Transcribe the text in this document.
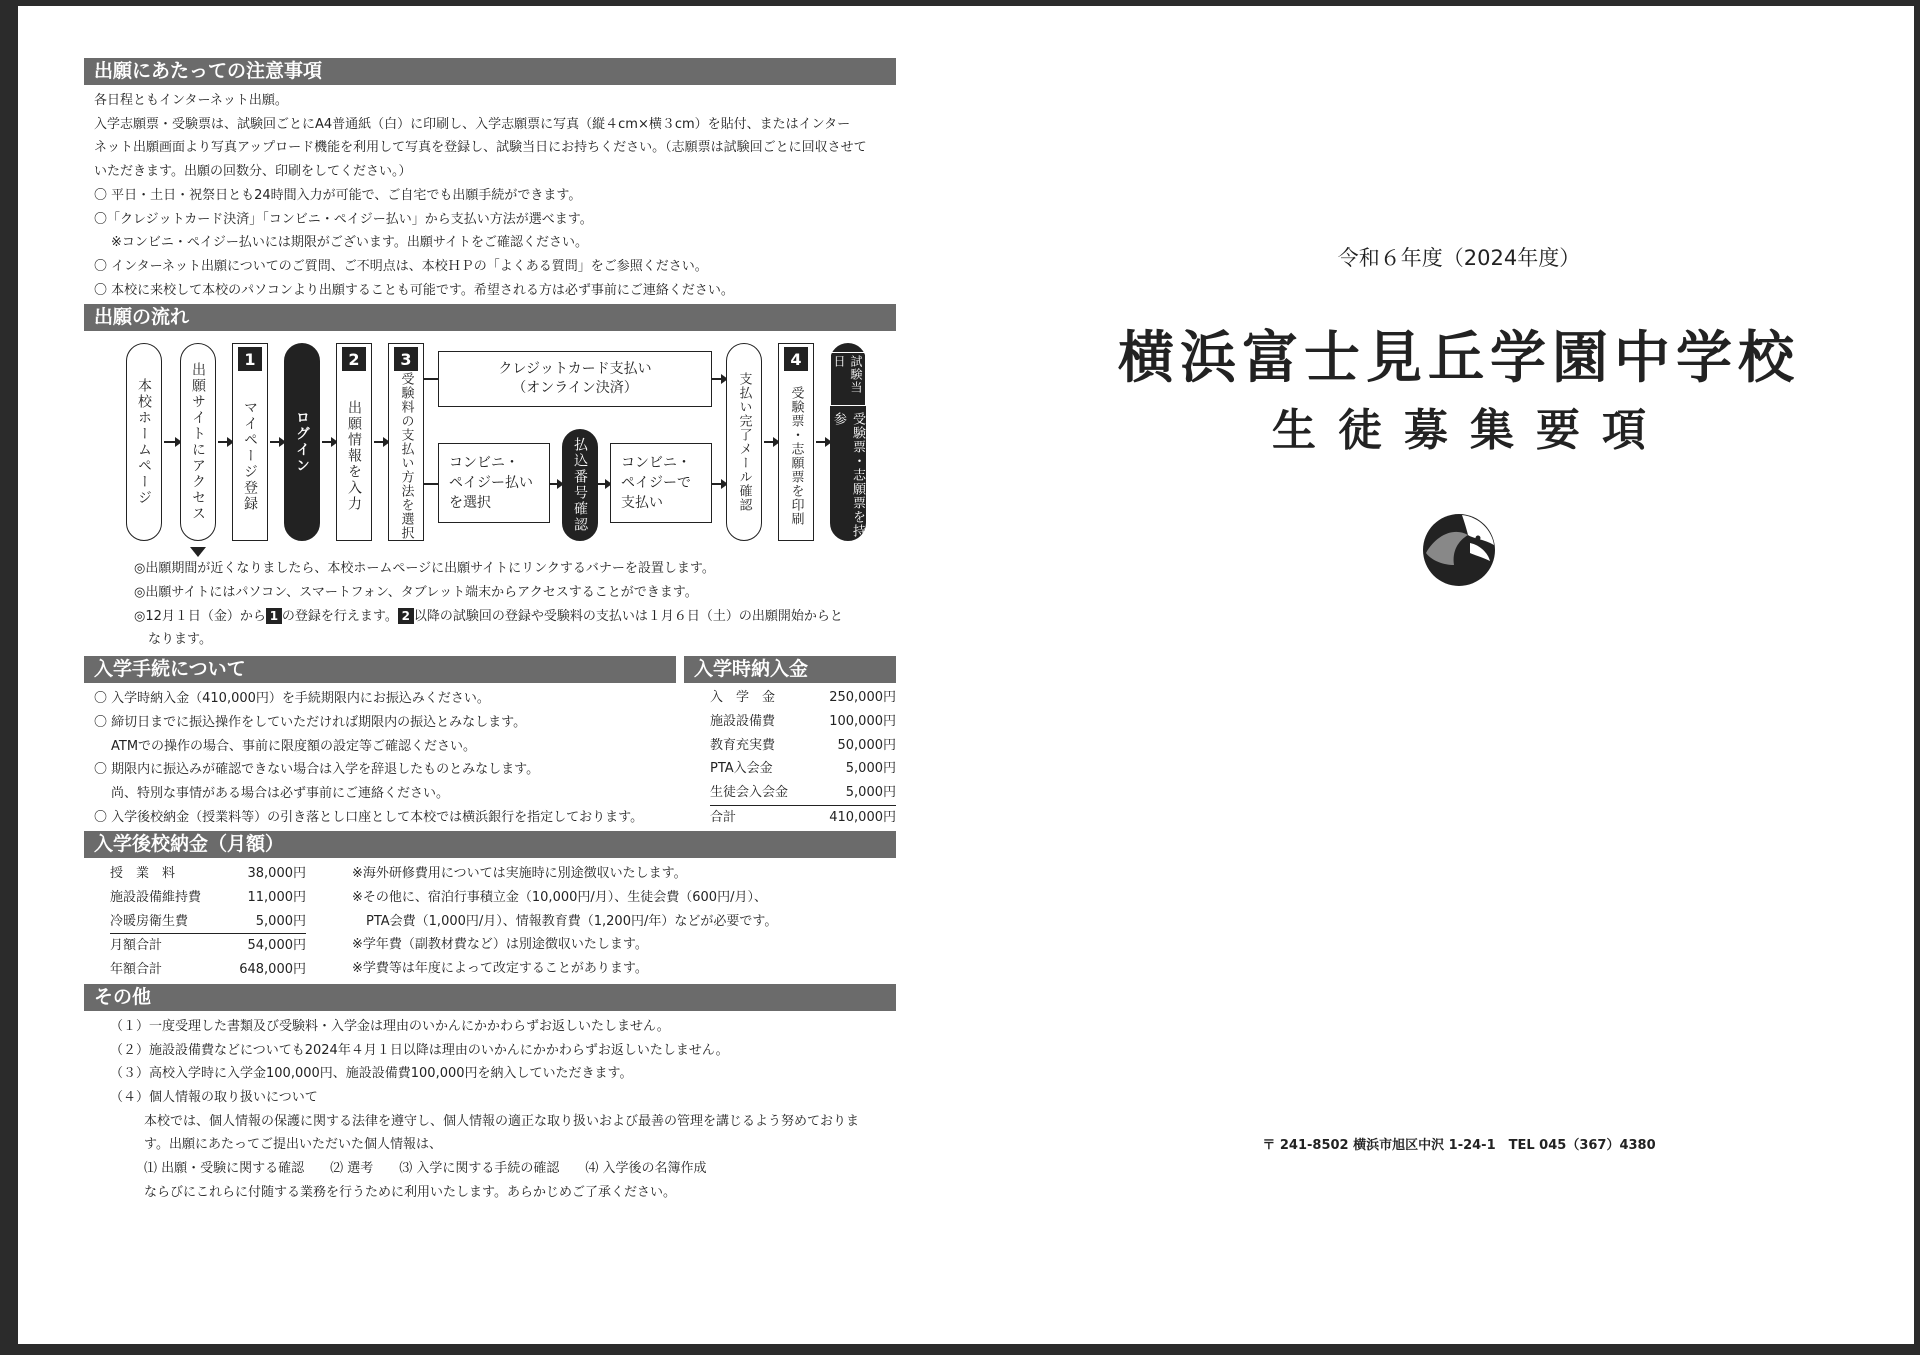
出願にあたっての注意事項
各日程ともインターネット出願。
入学志願票・受験票は、試験回ごとにA4普通紙（白）に印刷し、入学志願票に写真（縦４cm×横３cm）を貼付、またはインター
ネット出願画面より写真アップロード機能を利用して写真を登録し、試験当日にお持ちください。（志願票は試験回ごとに回収させて
いただきます。出願の回数分、印刷をしてください。）
〇 平日・土日・祝祭日とも24時間入力が可能で、ご自宅でも出願手続ができます。
〇「クレジットカード決済」「コンビニ・ペイジー払い」から支払い方法が選べます。
※コンビニ・ペイジー払いには期限がございます。出願サイトをご確認ください。
〇 インターネット出願についてのご質問、ご不明点は、本校ＨＰの「よくある質問」をご参照ください。
〇 本校に来校して本校のパソコンより出願することも可能です。希望される方は必ず事前にご連絡ください。
出願の流れ
本校ホームページ	出願サイトにアクセス	マイページ登録
1
ログイン	出願情報を入力
2
受験料の支払い方法を選択
3
クレジットカード支払い
（オンライン決済）
コンビニ・
ペイジー払い
を選択	払込番号確認	コンビニ・
ペイジーで
支払い	支払い完了メール確認	受験票・志願票を印刷
4	試験当日
受験票・志願票を持参
◎出願期間が近くなりましたら、本校ホームページに出願サイトにリンクするバナーを設置します。
◎出願サイトにはパソコン、スマートフォン、タブレット端末からアクセスすることができます。
◎12月１日（金）から 1 の登録を行えます。 2 以降の試験回の登録や受験料の支払いは１月６日（土）の出願開始からと
なります。
入学手続について
〇 入学時納入金（410,000円）を手続期限内にお振込みください。
〇 締切日までに振込操作をしていただければ期限内の振込とみなします。
ATMでの操作の場合、事前に限度額の設定等ご確認ください。
〇 期限内に振込みが確認できない場合は入学を辞退したものとみなします。
尚、特別な事情がある場合は必ず事前にご連絡ください。
〇 入学後校納金（授業料等）の引き落とし口座として本校では横浜銀行を指定しております。
入学時納入金
入　学　金	250,000円
施設設備費	100,000円
教育充実費	50,000円
PTA入会金	5,000円
生徒会入会金	5,000円
合計	410,000円
入学後校納金（月額）
授　業　料	38,000円
施設設備維持費	11,000円
冷暖房衛生費	5,000円
月額合計	54,000円
年額合計	648,000円
※海外研修費用については実施時に別途徴収いたします。
※その他に、宿泊行事積立金（10,000円/月）、生徒会費（600円/月）、
PTA会費（1,000円/月）、情報教育費（1,200円/年）などが必要です。
※学年費（副教材費など）は別途徴収いたします。
※学費等は年度によって改定することがあります。
その他
（１）一度受理した書類及び受験料・入学金は理由のいかんにかかわらずお返しいたしません。
（２）施設設備費などについても2024年４月１日以降は理由のいかんにかかわらずお返しいたしません。
（３）高校入学時に入学金100,000円、施設設備費100,000円を納入していただきます。
（４）個人情報の取り扱いについて
本校では、個人情報の保護に関する法律を遵守し、個人情報の適正な取り扱いおよび最善の管理を講じるよう努めておりま
す。出願にあたってご提出いただいた個人情報は、
⑴ 出願・受験に関する確認　　⑵ 選考　　⑶ 入学に関する手続の確認　　⑷ 入学後の名簿作成
ならびにこれらに付随する業務を行うために利用いたします。あらかじめご了承ください。
令和６年度（2024年度）
横浜富士見丘学園中学校
生徒募集要項
〒 241-8502 横浜市旭区中沢 1-24-1　TEL 045（367）4380
